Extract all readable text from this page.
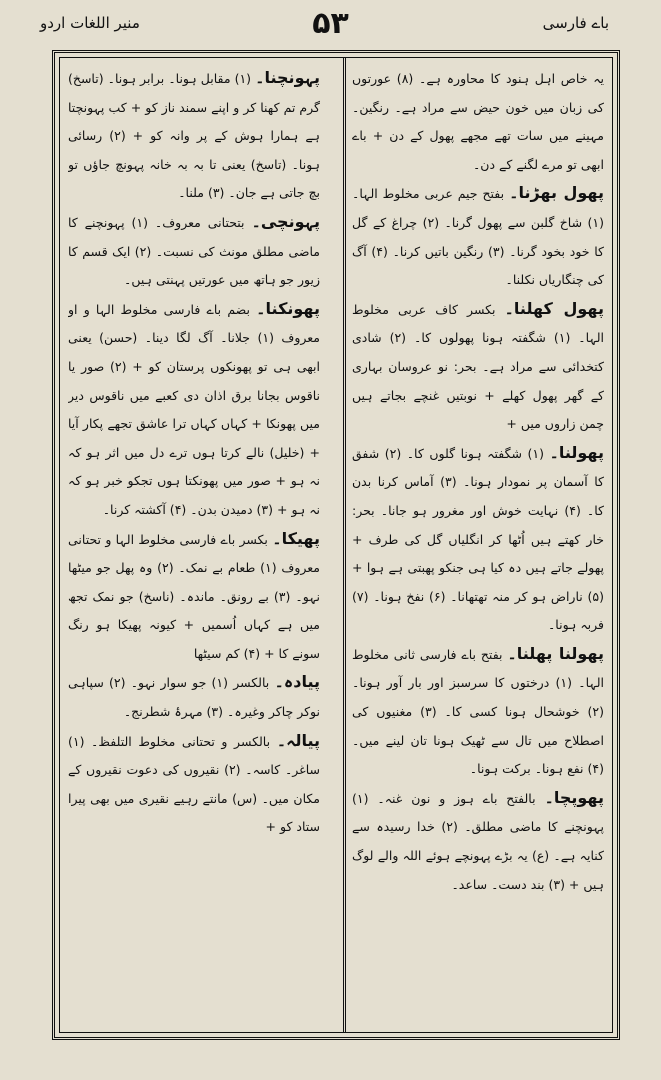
منیر اللغات اردو	۵۳	باے فارسی

یہ خاص اہل ہنود کا محاورہ ہے۔ (۸) عورتوں کی زبان میں خون حیض سے مراد ہے۔ رنگین۔ مہینے میں سات تھے مجھے پھول کے دن + باے ابھی تو مرے لگنے کے دن۔

پھول بھڑنا۔ بفتح جیم عربی مخلوط الہا۔ (۱) شاخ گلبن سے پھول گرنا۔ (۲) چراغ کے گل کا خود بخود گرنا۔ (۳) رنگین باتیں کرنا۔ (۴) آگ کی چنگاریاں نکلنا۔

پھول کھلنا۔ بکسر کاف عربی مخلوط الہا۔ (۱) شگفتہ ہونا پھولوں کا۔ (۲) شادی کتخدائی سے مراد ہے۔ بحر: نو عروسان بہاری کے گھر پھول کھلے + نوبتیں غنچے بجاتے ہیں چمن زاروں میں +

پھولنا۔ (۱) شگفتہ ہونا گلوں کا۔ (۲) شفق کا آسمان پر نمودار ہونا۔ (۳) آماس کرنا بدن کا۔ (۴) نہایت خوش اور مغرور ہو جانا۔ بحر: خار کھتے ہیں اُٹھا کر انگلیاں گل کی طرف + پھولے جاتے ہیں دہ کیا ہی جنکو پھبتی ہے ہوا + (۵) ناراض ہو کر منہ تھتھانا۔ (۶) نفخ ہونا۔ (۷) فربہ ہونا۔

پھولنا پھلنا۔ بفتح باے فارسی ثانی مخلوط الہا۔ (۱) درختوں کا سرسبز اور بار آور ہونا۔ (۲) خوشحال ہونا کسی کا۔ (۳) مغنیوں کی اصطلاح میں تال سے ٹھیک ہونا تان لینے میں۔ (۴) نفع ہونا۔ برکت ہونا۔

پھوپچا۔ بالفتح باے ہوز و نون غنہ۔ (۱) پہونچنے کا ماضی مطلق۔ (۲) خدا رسیدہ سے کنایہ ہے۔ (ع) یہ بڑے پہونچے ہوئے اللہ والے لوگ ہیں + (۳) بند دست۔ ساعد۔

پہونچنا۔ (۱) مقابل ہونا۔ برابر ہونا۔ (تاسخ) گرم تم کھنا کر و اپنے سمند ناز کو + کب پہونچتا ہے ہمارا ہوش کے پر وانہ کو + (۲) رسائی ہونا۔ (تاسخ) یعنی تا بہ بہ خانہ پہونچ جاؤں تو بچ جاتی ہے جان۔ (۳) ملنا۔

پہونچی۔ بتحتانی معروف۔ (۱) پہونچنے کا ماضی مطلق مونث کی نسبت۔ (۲) ایک قسم کا زیور جو ہاتھ میں عورتیں پہنتی ہیں۔

پھونکنا۔ بضم باے فارسی مخلوط الہا و او معروف (۱) جلانا۔ آگ لگا دینا۔ (حسن) یعنی ابھی ہی تو پھونکوں پرستان کو + (۲) صور یا ناقوس بجانا برق اذان دی کعبے میں ناقوس دیر میں پھونکا + کہاں کہاں ترا عاشق تجھے پکار آیا + (خلیل) نالے کرتا ہوں ترے دل میں اثر ہو کہ نہ ہو + صور میں پھونکتا ہوں تجکو خبر ہو کہ نہ ہو + (۳) دمیدن بدن۔ (۴) آکشتہ کرنا۔

پھیکا۔ بکسر باے فارسی مخلوط الہا و تحتانی معروف (۱) طعام بے نمک۔ (۲) وہ پھل جو میٹھا نہو۔ (۳) بے رونق۔ ماندہ۔ (ناسخ) جو نمک تجھ میں ہے کہاں اُسمیں + کیونہ پھیکا ہو رنگ سونے کا + (۴) کم سیٹھا

پیادہ۔ بالکسر (۱) جو سوار نہو۔ (۲) سپاہی نوکر چاکر وغیرہ۔ (۳) مہرۂ شطرنج۔

پیالہ۔ بالکسر و تحتانی مخلوط التلفظ۔ (۱) ساغر۔ کاسہ۔ (۲) نقیروں کی دعوت نقیروں کے مکان میں۔ (س) مانتے رہیے نقیری میں بھی پیرا ستاد کو +
